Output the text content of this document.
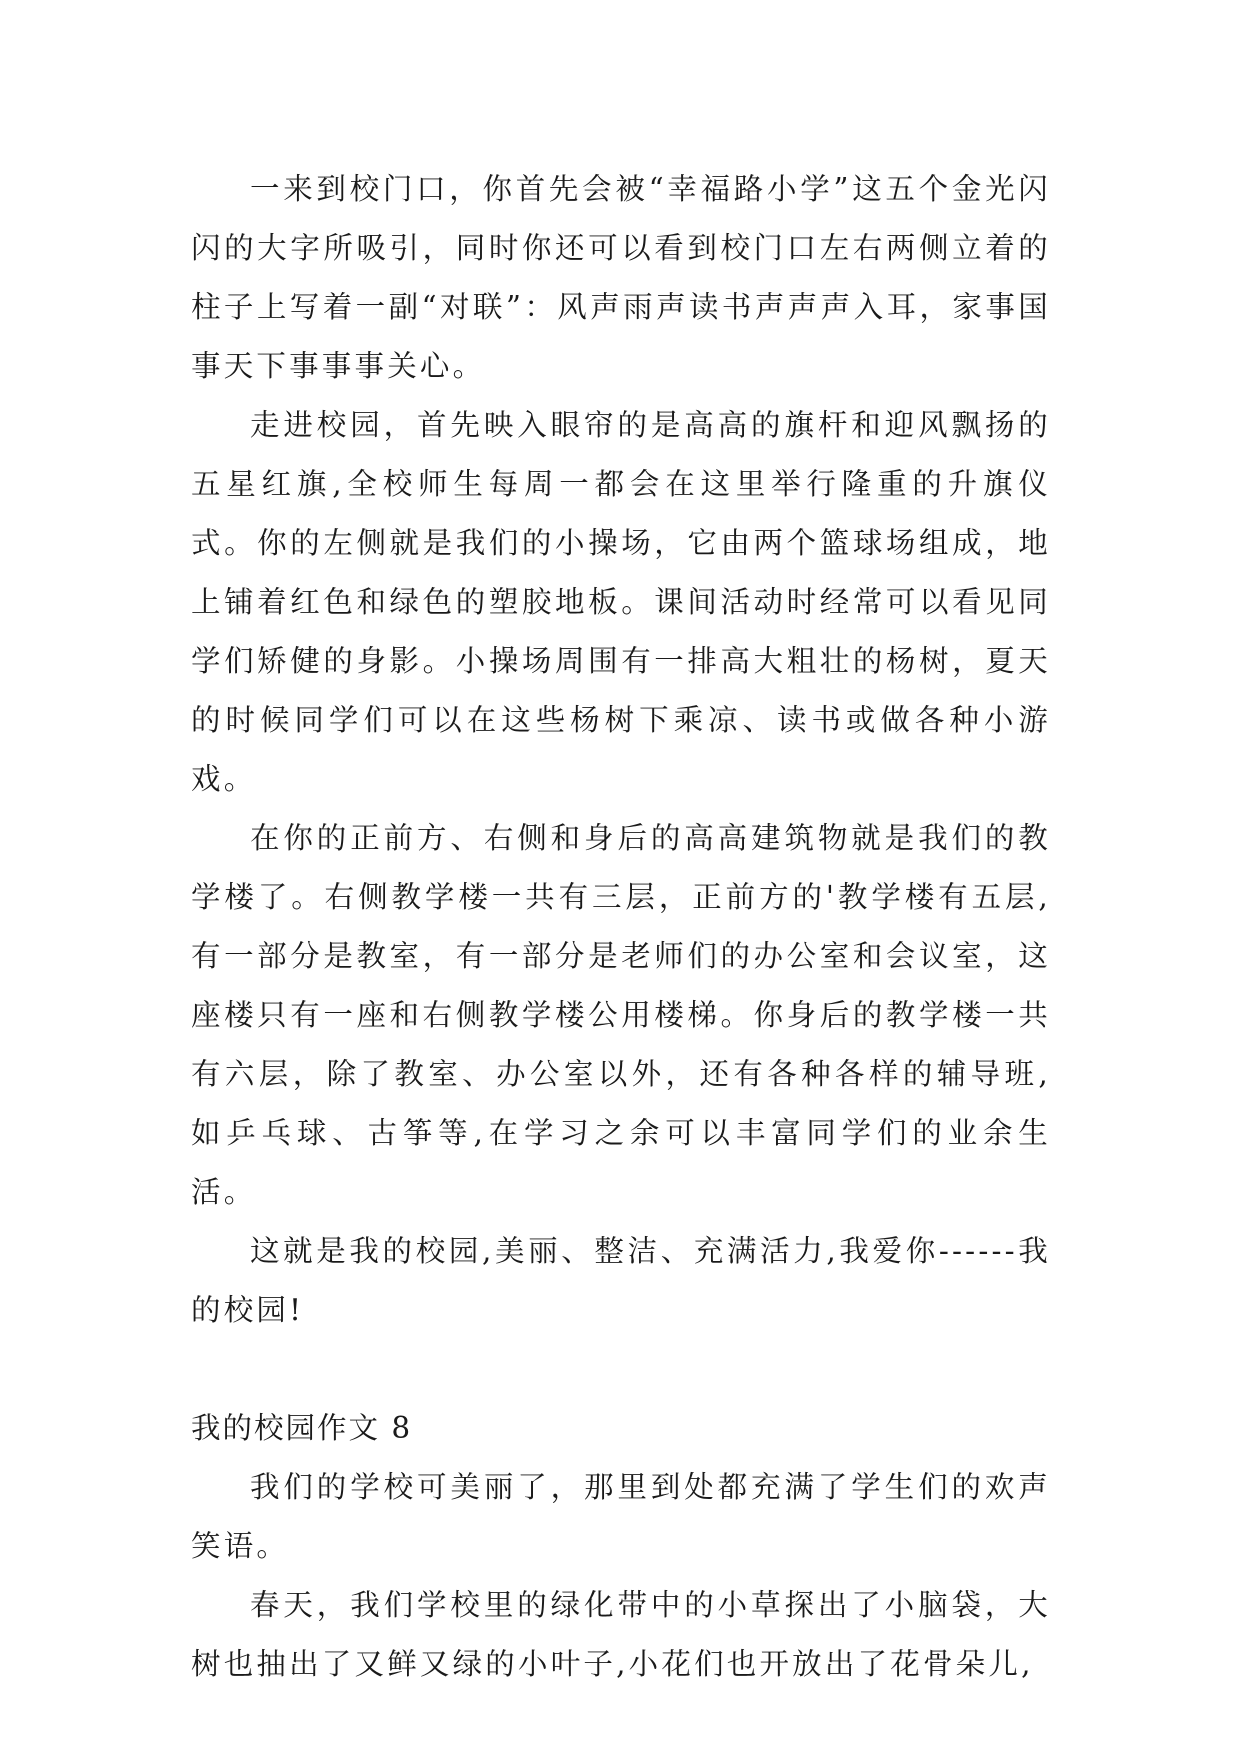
一来到校门口，你首先会被“幸福路小学”这五个金光闪闪的大字所吸引，同时你还可以看到校门口左右两侧立着的柱子上写着一副“对联”：风声雨声读书声声声入耳，家事国事天下事事事关心。

走进校园，首先映入眼帘的是高高的旗杆和迎风飘扬的五星红旗,全校师生每周一都会在这里举行隆重的升旗仪式。你的左侧就是我们的小操场，它由两个篮球场组成，地上铺着红色和绿色的塑胶地板。课间活动时经常可以看见同学们矫健的身影。小操场周围有一排高大粗壮的杨树，夏天的时候同学们可以在这些杨树下乘凉、读书或做各种小游戏。

在你的正前方、右侧和身后的高高建筑物就是我们的教学楼了。右侧教学楼一共有三层，正前方的'教学楼有五层,有一部分是教室，有一部分是老师们的办公室和会议室，这座楼只有一座和右侧教学楼公用楼梯。你身后的教学楼一共有六层，除了教室、办公室以外，还有各种各样的辅导班,如乒乓球、古筝等,在学习之余可以丰富同学们的业余生活。

这就是我的校园,美丽、整洁、充满活力,我爱你------我的校园!

我的校园作文 8

我们的学校可美丽了，那里到处都充满了学生们的欢声笑语。

春天，我们学校里的绿化带中的小草探出了小脑袋，大树也抽出了又鲜又绿的小叶子,小花们也开放出了花骨朵儿,
